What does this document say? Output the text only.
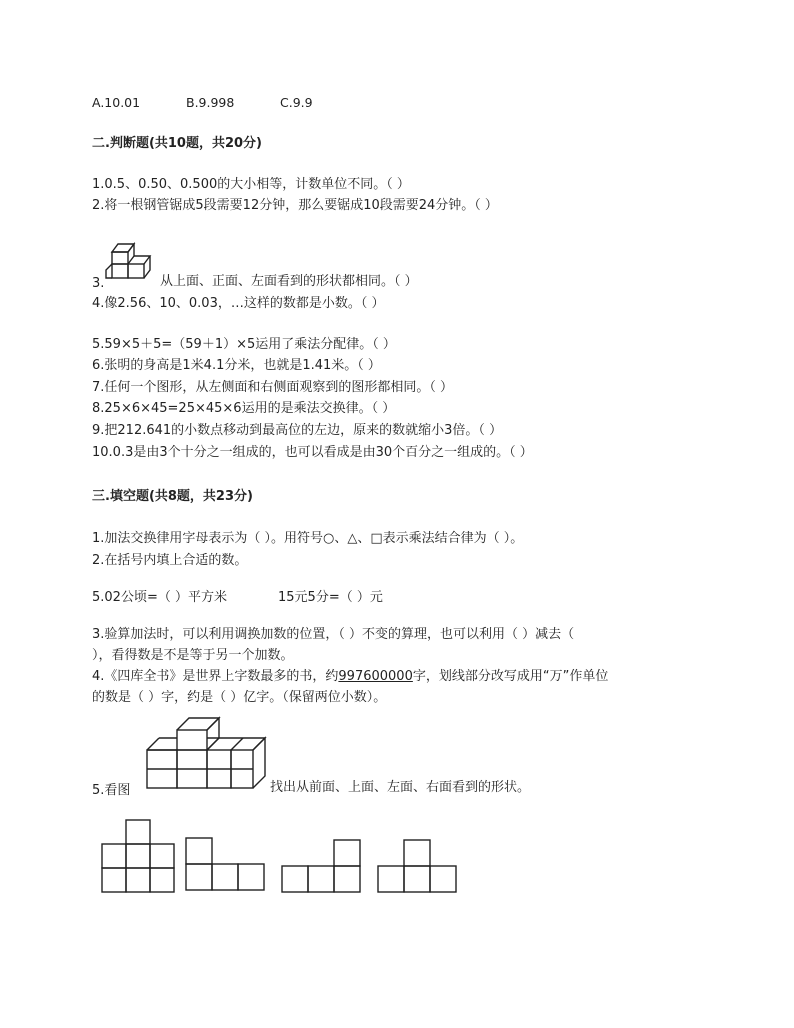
A.10.01	B.9.998	C.9.9
二.判断题(共10题，共20分)
1.0.5、0.50、0.500的大小相等，计数单位不同。（ ）
2.将一根钢管锯成5段需要12分钟，那么要锯成10段需要24分钟。（ ）
3.	从上面、正面、左面看到的形状都相同。（ ）
4.像2.56、10、0.03，…这样的数都是小数。（ ）
5.59×5＋5=（59＋1）×5运用了乘法分配律。（ ）
6.张明的身高是1米4.1分米，也就是1.41米。（ ）
7.任何一个图形，从左侧面和右侧面观察到的图形都相同。（ ）
8.25×6×45=25×45×6运用的是乘法交换律。（ ）
9.把212.641的小数点移动到最高位的左边，原来的数就缩小3倍。（ ）
10.0.3是由3个十分之一组成的，也可以看成是由30个百分之一组成的。（ ）
三.填空题(共8题，共23分)
1.加法交换律用字母表示为（ ）。用符号○、△、□表示乘法结合律为（ ）。
2.在括号内填上合适的数。
5.02公顷=（ ）平方米	15元5分=（ ）元
3.验算加法时，可以利用调换加数的位置，（ ）不变的算理，也可以利用（ ）减去（
），看得数是不是等于另一个加数。
4.《四库全书》是世界上字数最多的书，约997600000字，划线部分改写成用“万”作单位
的数是（ ）字，约是（ ）亿字。（保留两位小数）。
5.看图	找出从前面、上面、左面、右面看到的形状。
